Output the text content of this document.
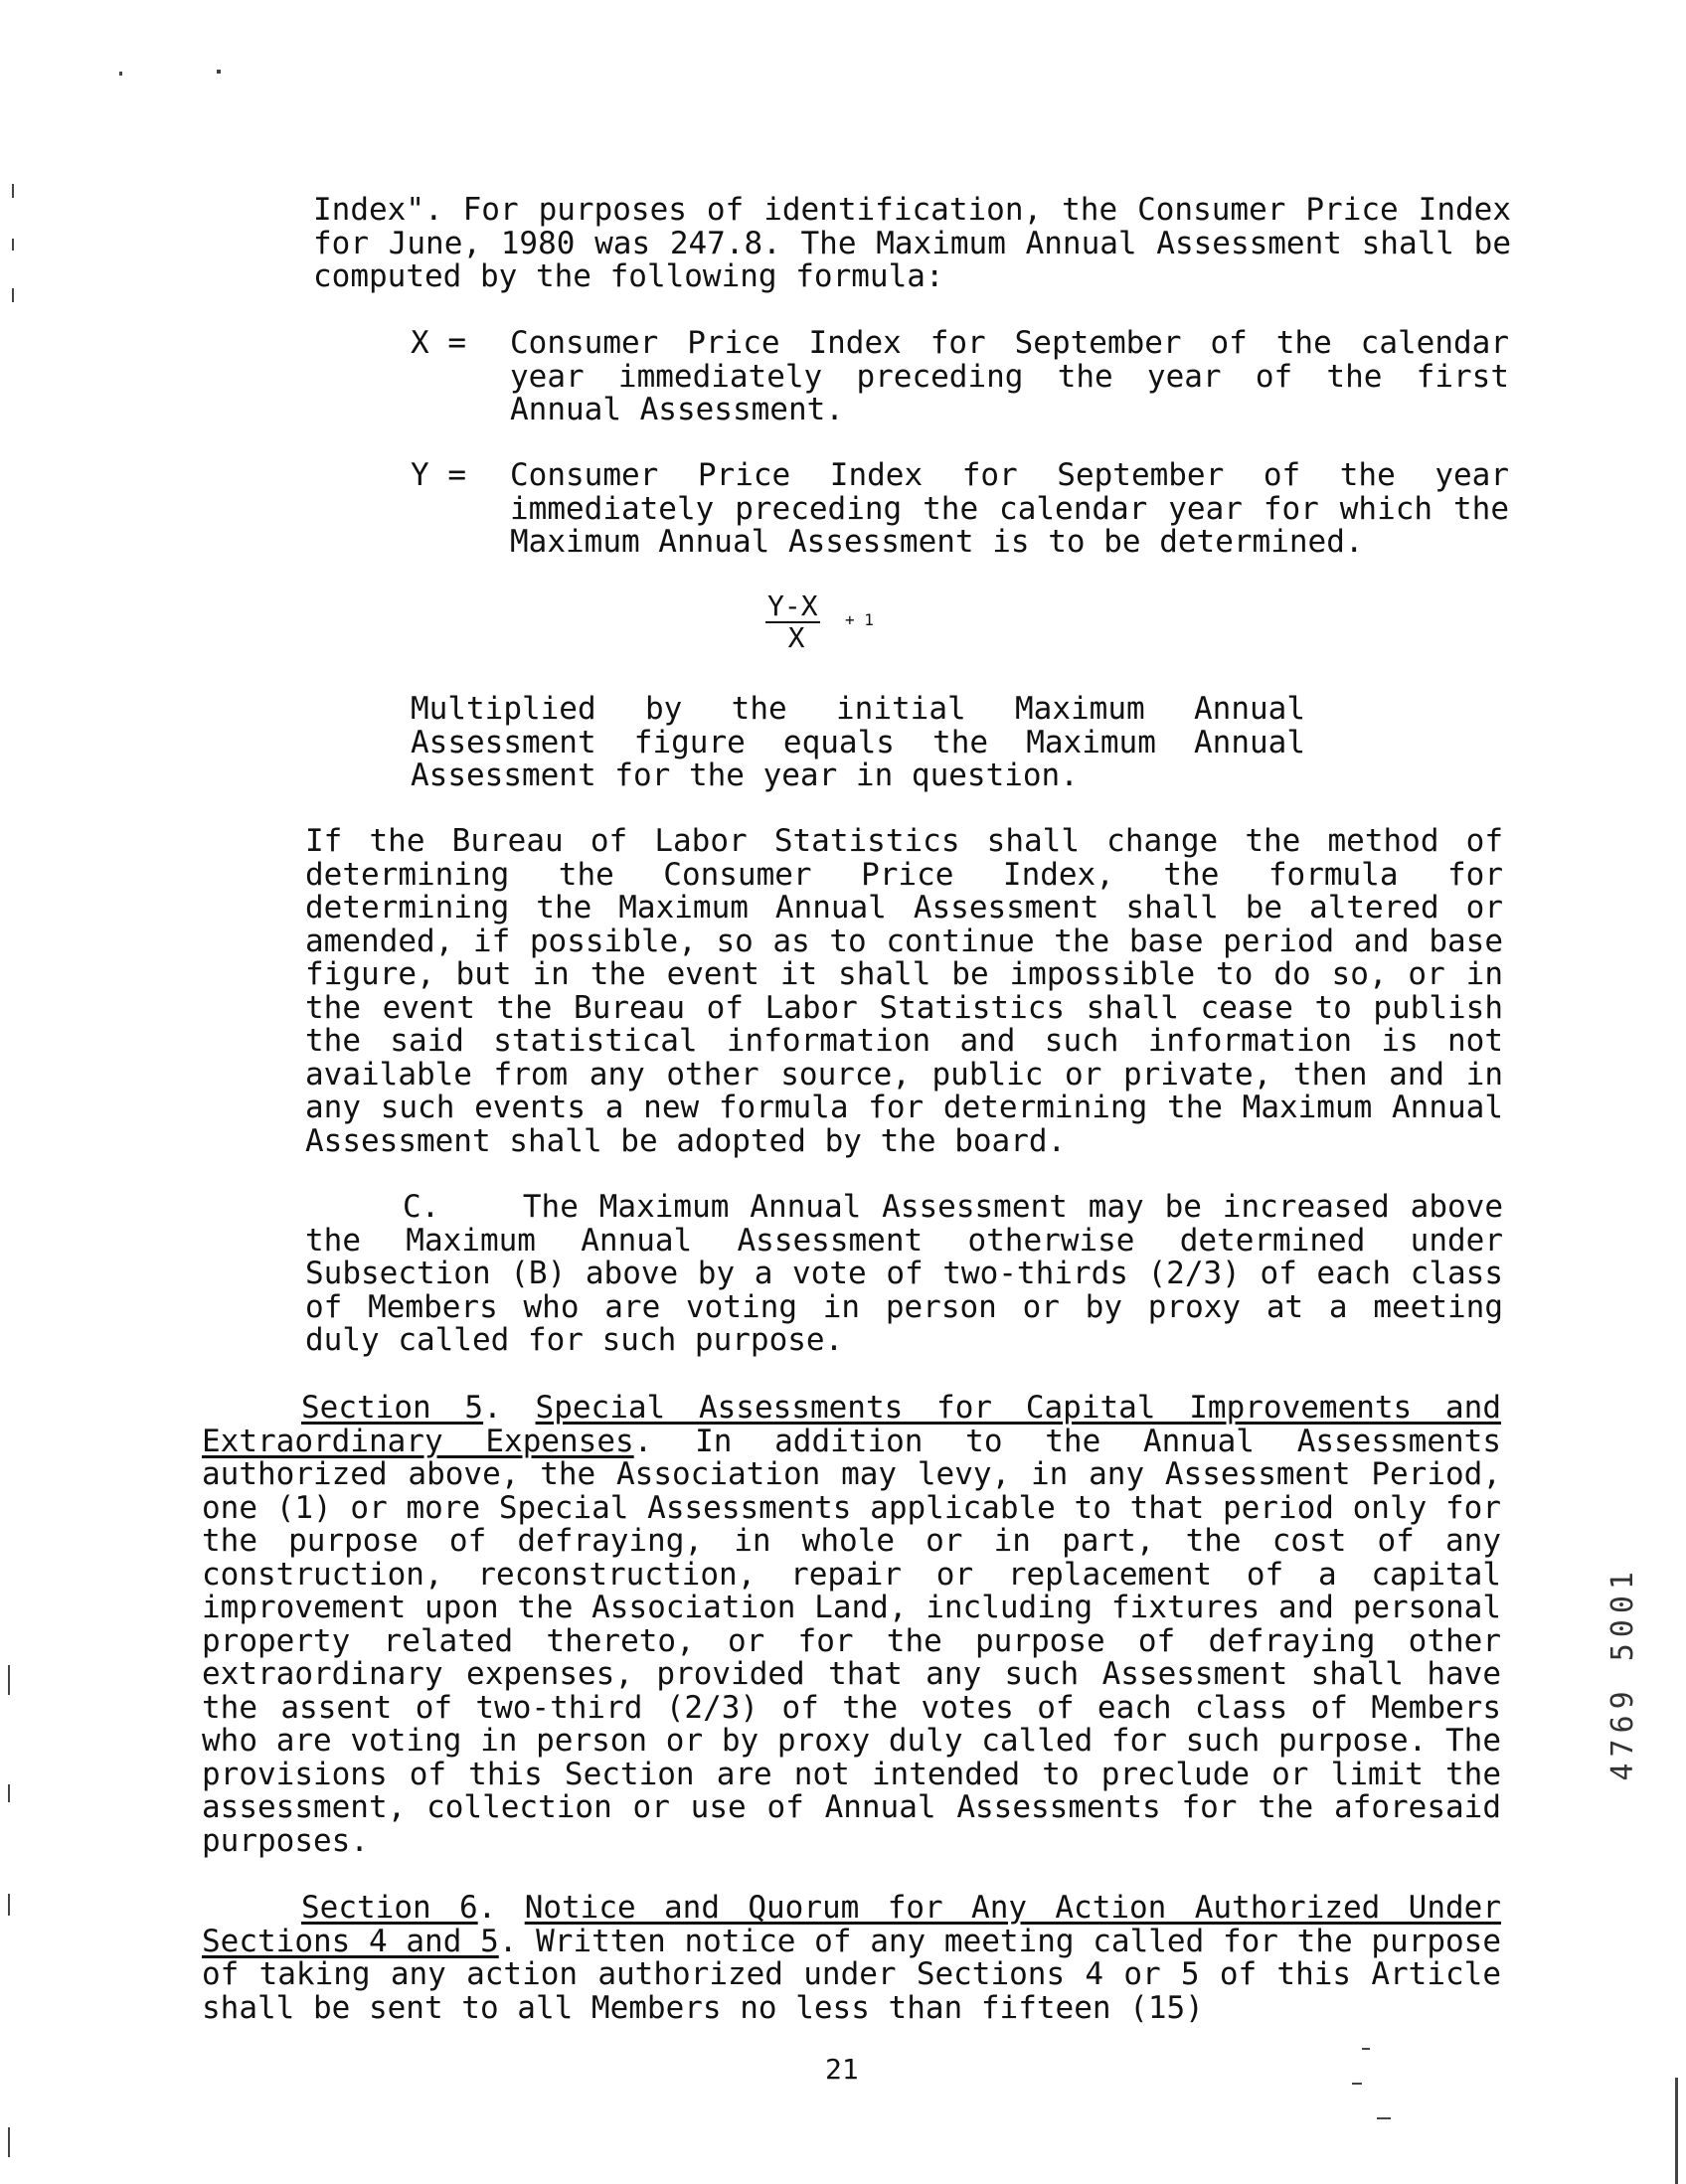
Index". For purposes of identification, the Consumer Price Index for June, 1980 was 247.8. The Maximum Annual Assessment shall be computed by the following formula:
X =	Consumer Price Index for September of the calendar year immediately preceding the year of the first Annual Assessment.
Y =	Consumer Price Index for September of the year immediately preceding the calendar year for which the Maximum Annual Assessment is to be determined.
Y-X + 1
X
Multiplied by the initial Maximum Annual Assessment figure equals the Maximum Annual Assessment for the year in question.
If the Bureau of Labor Statistics shall change the method of determining the Consumer Price Index, the formula for determining the Maximum Annual Assessment shall be altered or amended, if possible, so as to continue the base period and base figure, but in the event it shall be impossible to do so, or in the event the Bureau of Labor Statistics shall cease to publish the said statistical information and such information is not available from any other source, public or private, then and in any such events a new formula for determining the Maximum Annual Assessment shall be adopted by the board.
C.    The Maximum Annual Assessment may be increased above the Maximum Annual Assessment otherwise determined under Subsection (B) above by a vote of two-thirds (2/3) of each class of Members who are voting in person or by proxy at a meeting duly called for such purpose.
Section 5. Special Assessments for Capital Improvements and Extraordinary Expenses. In addition to the Annual Assessments authorized above, the Association may levy, in any Assessment Period, one (1) or more Special Assessments applicable to that period only for the purpose of defraying, in whole or in part, the cost of any construction, reconstruction, repair or replacement of a capital improvement upon the Association Land, including fixtures and personal property related thereto, or for the purpose of defraying other extraordinary expenses, provided that any such Assessment shall have the assent of two-third (2/3) of the votes of each class of Members who are voting in person or by proxy duly called for such purpose. The provisions of this Section are not intended to preclude or limit the assessment, collection or use of Annual Assessments for the aforesaid purposes.
Section 6. Notice and Quorum for Any Action Authorized Under Sections 4 and 5. Written notice of any meeting called for the purpose of taking any action authorized under Sections 4 or 5 of this Article shall be sent to all Members no less than fifteen (15)
21
4769 5001
